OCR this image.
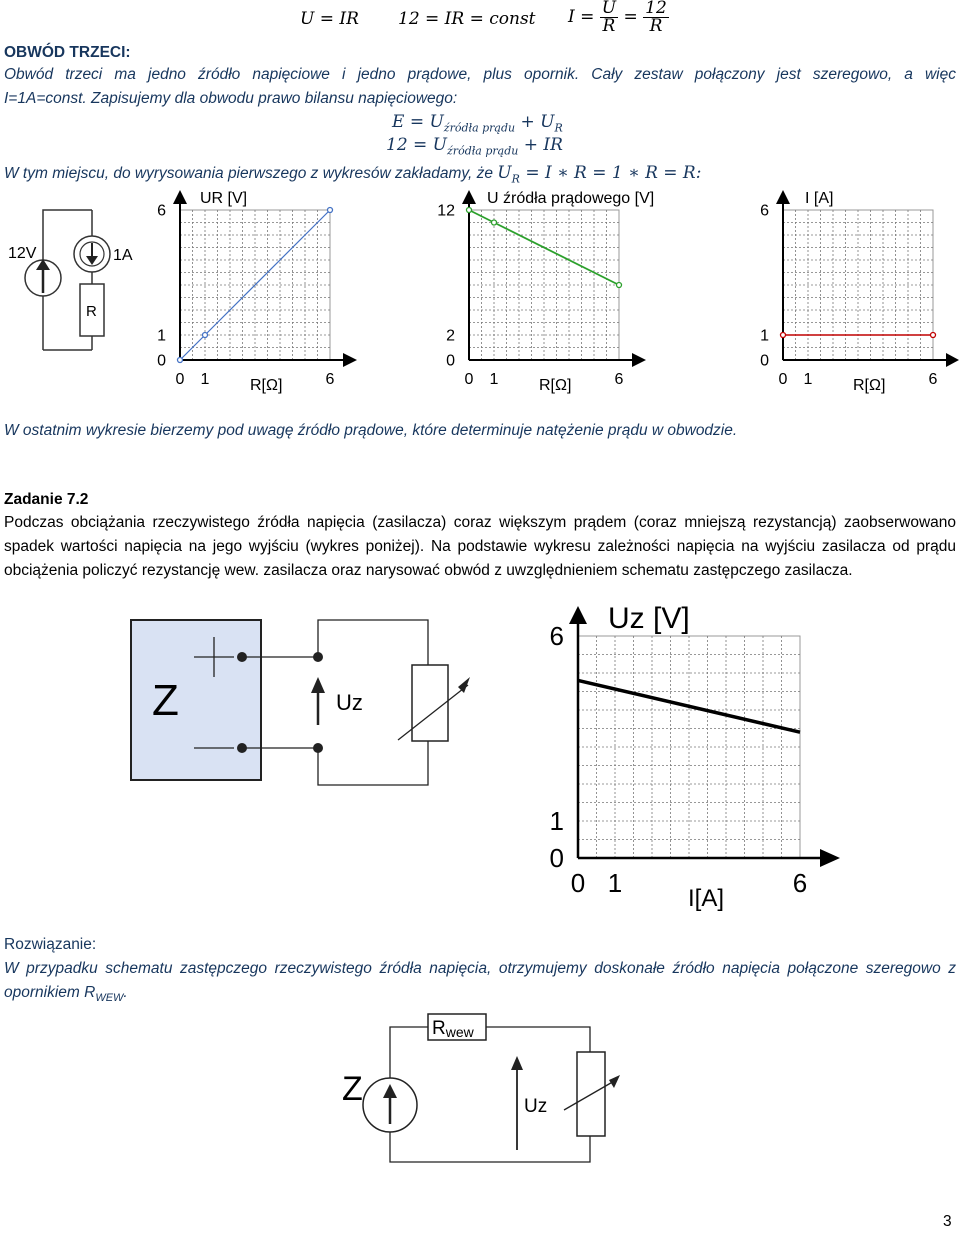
U = IR 12 = IR = const $I = \frac{U}{R} = \frac{12}{R}$
OBWÓD TRZECI:
Obwód trzeci ma jedno źródło napięciowe i jedno prądowe, plus opornik. Cały zestaw połączony jest szeregowo, a więc
I=1A=const. Zapisujemy dla obwodu prawo bilansu napięciowego:
$E = U_{źródła prądu} + U_R$
$12 = U_{źródła prądu}$ + IR
W tym miejscu, do wyrysowania pierwszego z wykresów zakładamy, że $U_R = I$ ∗ R = 1 ∗ R = R:
R
12V	1A
0 1	6
0
1
6
UR [V]
R[Ω]	0 1	6
0
2
12
U źródła prądowego [V]
R[Ω]	0 1	6
0
1
6
I [A]
R[Ω]
W ostatnim wykresie bierzemy pod uwagę źródło prądowe, które determinuje natężenie prądu w obwodzie.
Zadanie 7.2
Podczas obciążania rzeczywistego źródła napięcia (zasilacza) coraz większym prądem (coraz mniejszą rezystancją) zaobserwowano spadek wartości napięcia na jego wyjściu (wykres poniżej). Na podstawie wykresu zależności napięcia na wyjściu zasilacza od prądu obciążenia policzyć rezystancję wew. zasilacza oraz narysować obwód z uwzględnieniem schematu zastępczego zasilacza.
Z	Uz
0 1	6
0
1
6
Uz [V]
I[A]
Rozwiązanie:
W przypadku schematu zastępczego rzeczywistego źródła napięcia, otrzymujemy doskonałe źródło napięcia połączone szeregowo z opornikiem $R_{WEW}$.
Rwew
Z	Uz
3
